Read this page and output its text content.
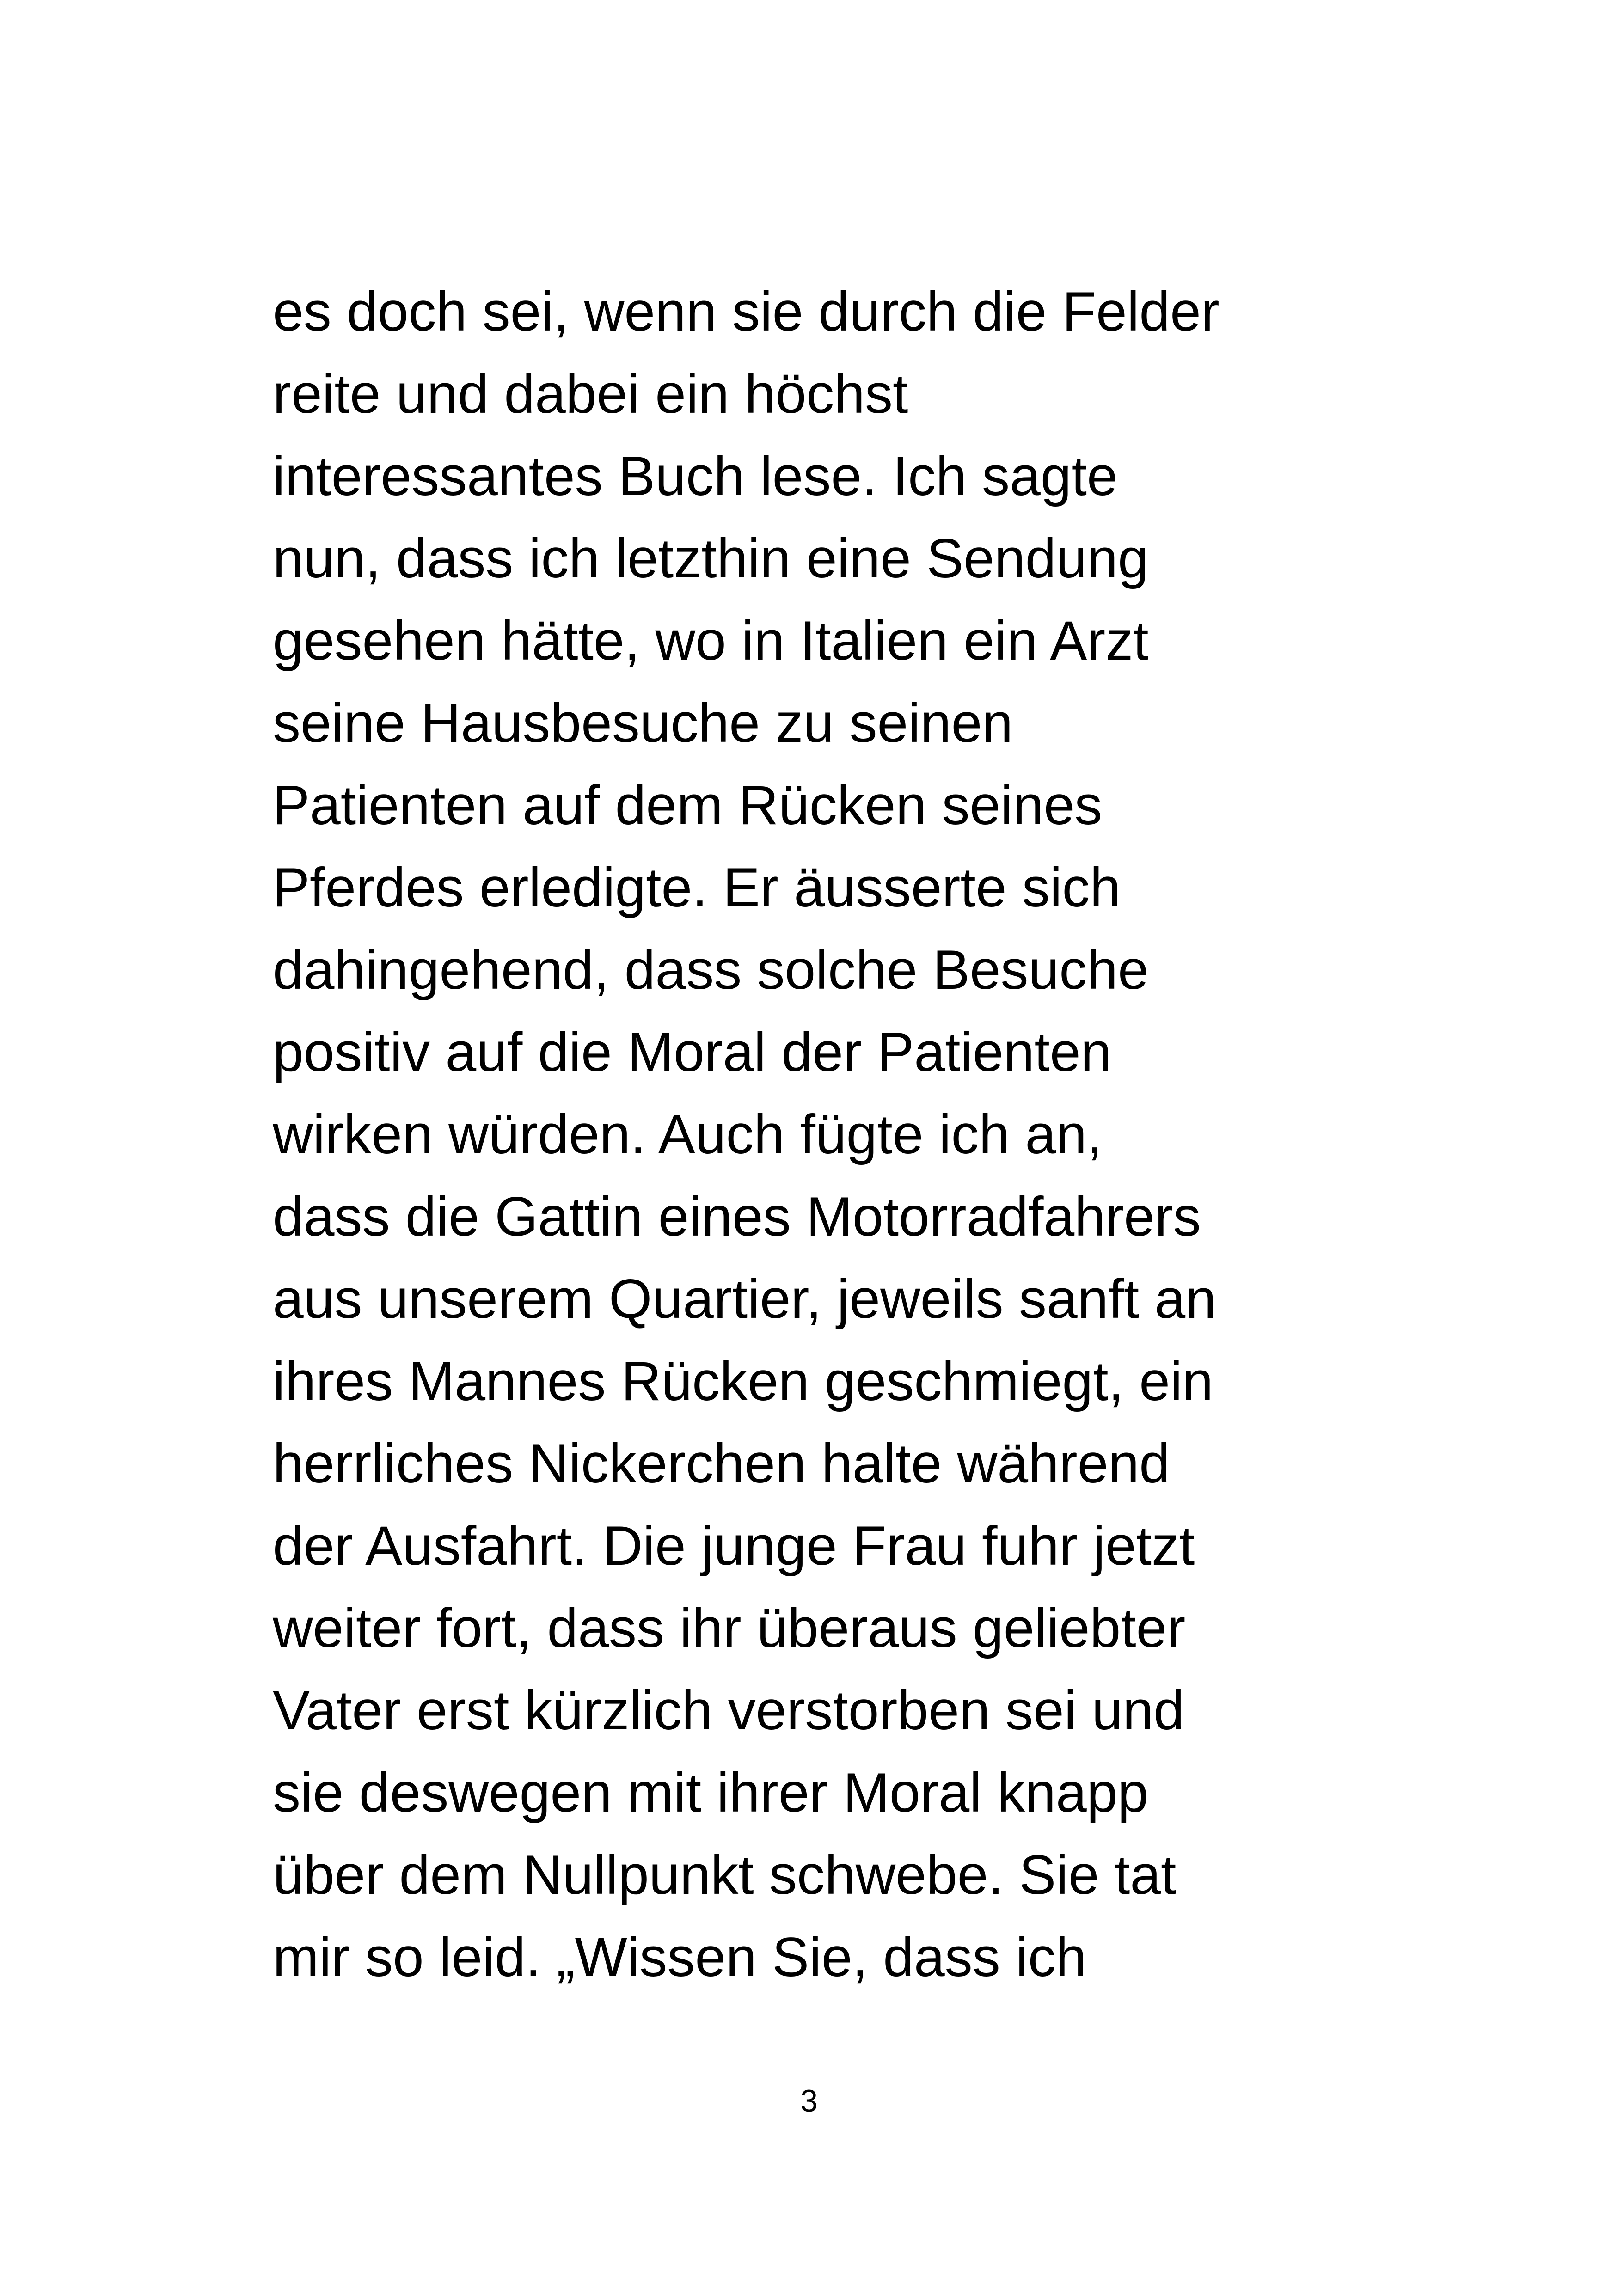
es doch sei, wenn sie durch die Felder
reite und dabei ein höchst
interessantes Buch lese. Ich sagte
nun, dass ich letzthin eine Sendung
gesehen hätte, wo in Italien ein Arzt
seine Hausbesuche zu seinen
Patienten auf dem Rücken seines
Pferdes erledigte. Er äusserte sich
dahingehend, dass solche Besuche
positiv auf die Moral der Patienten
wirken würden. Auch fügte ich an,
dass die Gattin eines Motorradfahrers
aus unserem Quartier, jeweils sanft an
ihres Mannes Rücken geschmiegt, ein
herrliches Nickerchen halte während
der Ausfahrt. Die junge Frau fuhr jetzt
weiter fort, dass ihr überaus geliebter
Vater erst kürzlich verstorben sei und
sie deswegen mit ihrer Moral knapp
über dem Nullpunkt schwebe. Sie tat
mir so leid. „Wissen Sie, dass ich
3
